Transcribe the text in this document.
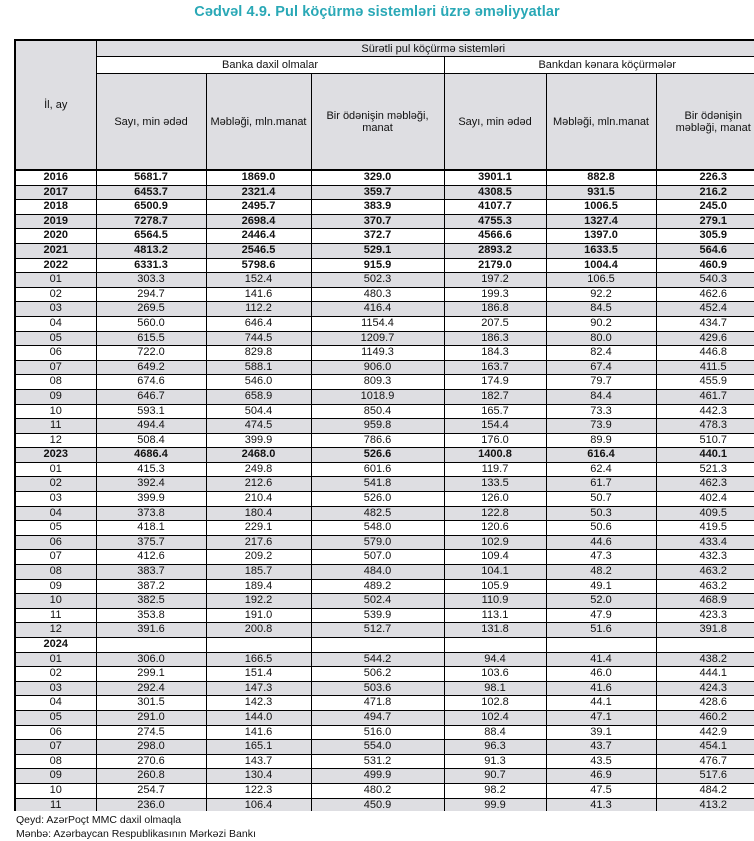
Cədvəl 4.9. Pul köçürmə sistemləri üzrə əməliyyatlar
İl, ay	Sürətli pul köçürmə sistemləri					
	Banka daxil olmalar			Bankdan kənara köçürmələr		
	Sayı, min ədəd	Məbləği, mln.manat	Bir ödənişin məbləği, manat	Sayı, min ədəd	Məbləği, mln.manat	Bir ödənişin məbləği, manat
2016	5681.7	1869.0	329.0	3901.1	882.8	226.3
2017	6453.7	2321.4	359.7	4308.5	931.5	216.2
2018	6500.9	2495.7	383.9	4107.7	1006.5	245.0
2019	7278.7	2698.4	370.7	4755.3	1327.4	279.1
2020	6564.5	2446.4	372.7	4566.6	1397.0	305.9
2021	4813.2	2546.5	529.1	2893.2	1633.5	564.6
2022	6331.3	5798.6	915.9	2179.0	1004.4	460.9
01	303.3	152.4	502.3	197.2	106.5	540.3
02	294.7	141.6	480.3	199.3	92.2	462.6
03	269.5	112.2	416.4	186.8	84.5	452.4
04	560.0	646.4	1154.4	207.5	90.2	434.7
05	615.5	744.5	1209.7	186.3	80.0	429.6
06	722.0	829.8	1149.3	184.3	82.4	446.8
07	649.2	588.1	906.0	163.7	67.4	411.5
08	674.6	546.0	809.3	174.9	79.7	455.9
09	646.7	658.9	1018.9	182.7	84.4	461.7
10	593.1	504.4	850.4	165.7	73.3	442.3
11	494.4	474.5	959.8	154.4	73.9	478.3
12	508.4	399.9	786.6	176.0	89.9	510.7
2023	4686.4	2468.0	526.6	1400.8	616.4	440.1
01	415.3	249.8	601.6	119.7	62.4	521.3
02	392.4	212.6	541.8	133.5	61.7	462.3
03	399.9	210.4	526.0	126.0	50.7	402.4
04	373.8	180.4	482.5	122.8	50.3	409.5
05	418.1	229.1	548.0	120.6	50.6	419.5
06	375.7	217.6	579.0	102.9	44.6	433.4
07	412.6	209.2	507.0	109.4	47.3	432.3
08	383.7	185.7	484.0	104.1	48.2	463.2
09	387.2	189.4	489.2	105.9	49.1	463.2
10	382.5	192.2	502.4	110.9	52.0	468.9
11	353.8	191.0	539.9	113.1	47.9	423.3
12	391.6	200.8	512.7	131.8	51.6	391.8
2024						
01	306.0	166.5	544.2	94.4	41.4	438.2
02	299.1	151.4	506.2	103.6	46.0	444.1
03	292.4	147.3	503.6	98.1	41.6	424.3
04	301.5	142.3	471.8	102.8	44.1	428.6
05	291.0	144.0	494.7	102.4	47.1	460.2
06	274.5	141.6	516.0	88.4	39.1	442.9
07	298.0	165.1	554.0	96.3	43.7	454.1
08	270.6	143.7	531.2	91.3	43.5	476.7
09	260.8	130.4	499.9	90.7	46.9	517.6
10	254.7	122.3	480.2	98.2	47.5	484.2
11	236.0	106.4	450.9	99.9	41.3	413.2
Qeyd: AzərPoçt MMC daxil olmaqla
Mənbə: Azərbaycan Respublikasının Mərkəzi Bankı
